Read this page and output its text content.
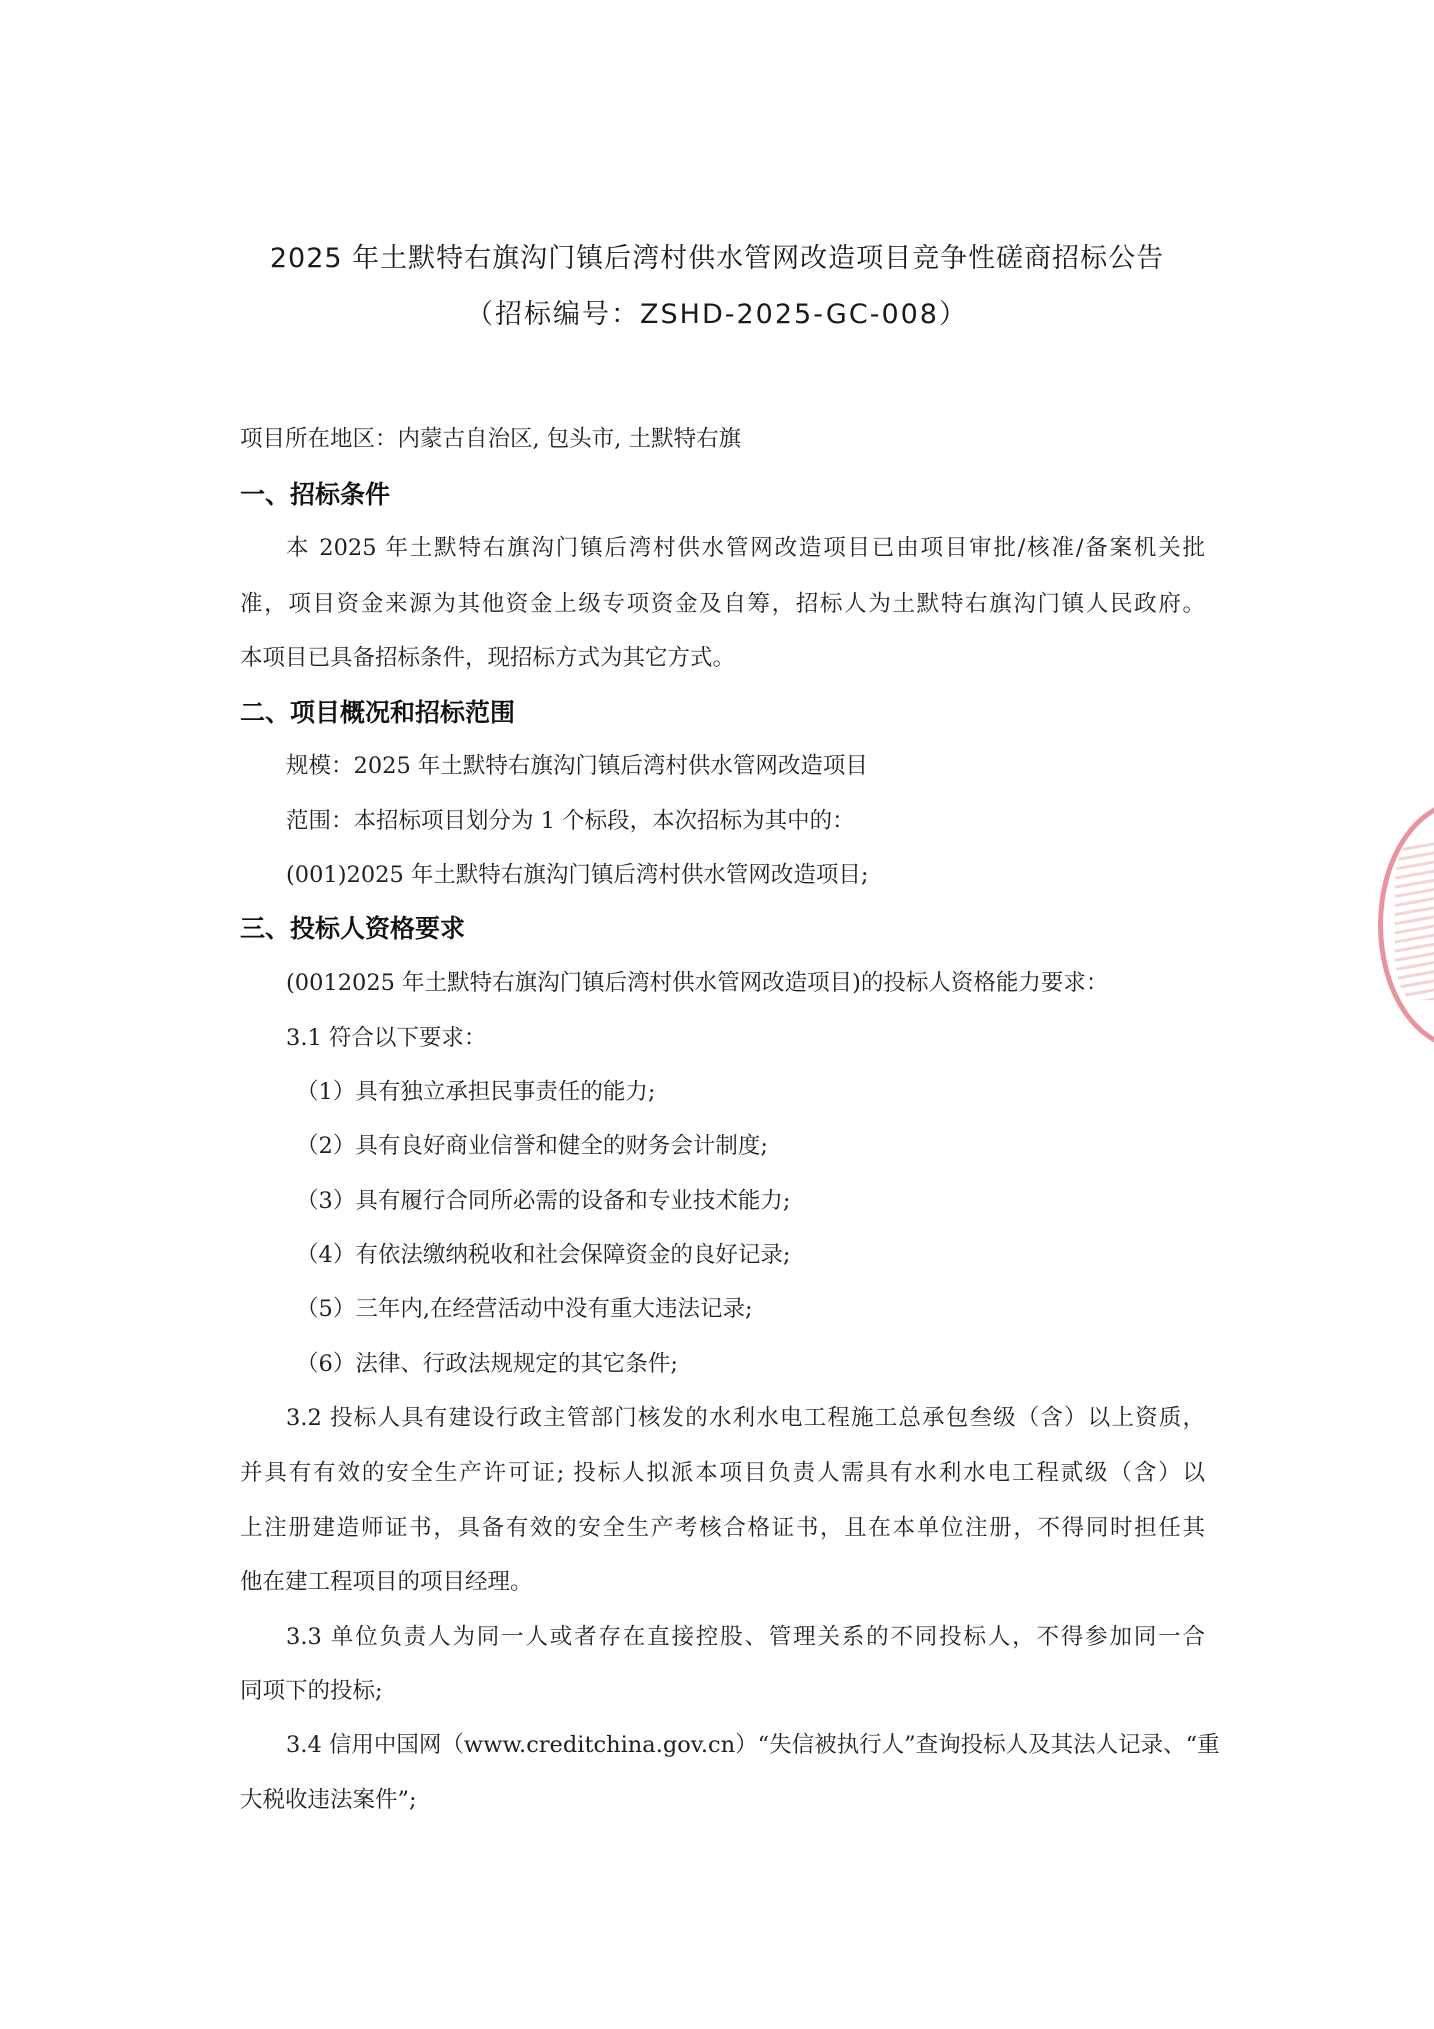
2025 年土默特右旗沟门镇后湾村供水管网改造项目竞争性磋商招标公告
（招标编号：ZSHD-2025-GC-008）
项目所在地区：内蒙古自治区, 包头市, 土默特右旗
一、招标条件
本 2025 年土默特右旗沟门镇后湾村供水管网改造项目已由项目审批/核准/备案机关批
准，项目资金来源为其他资金上级专项资金及自筹，招标人为土默特右旗沟门镇人民政府。
本项目已具备招标条件，现招标方式为其它方式。
二、项目概况和招标范围
规模：2025 年土默特右旗沟门镇后湾村供水管网改造项目
范围：本招标项目划分为 1 个标段，本次招标为其中的：
(001)2025 年土默特右旗沟门镇后湾村供水管网改造项目;
三、投标人资格要求
(0012025 年土默特右旗沟门镇后湾村供水管网改造项目)的投标人资格能力要求：
3.1 符合以下要求：
（1）具有独立承担民事责任的能力;
（2）具有良好商业信誉和健全的财务会计制度;
（3）具有履行合同所必需的设备和专业技术能力;
（4）有依法缴纳税收和社会保障资金的良好记录;
（5）三年内,在经营活动中没有重大违法记录;
（6）法律、行政法规规定的其它条件;
3.2 投标人具有建设行政主管部门核发的水利水电工程施工总承包叁级（含）以上资质，
并具有有效的安全生产许可证; 投标人拟派本项目负责人需具有水利水电工程贰级（含）以
上注册建造师证书，具备有效的安全生产考核合格证书，且在本单位注册，不得同时担任其
他在建工程项目的项目经理。
3.3 单位负责人为同一人或者存在直接控股、管理关系的不同投标人，不得参加同一合
同项下的投标;
3.4 信用中国网（www.creditchina.gov.cn）“失信被执行人”查询投标人及其法人记录、“重
大税收违法案件”;
